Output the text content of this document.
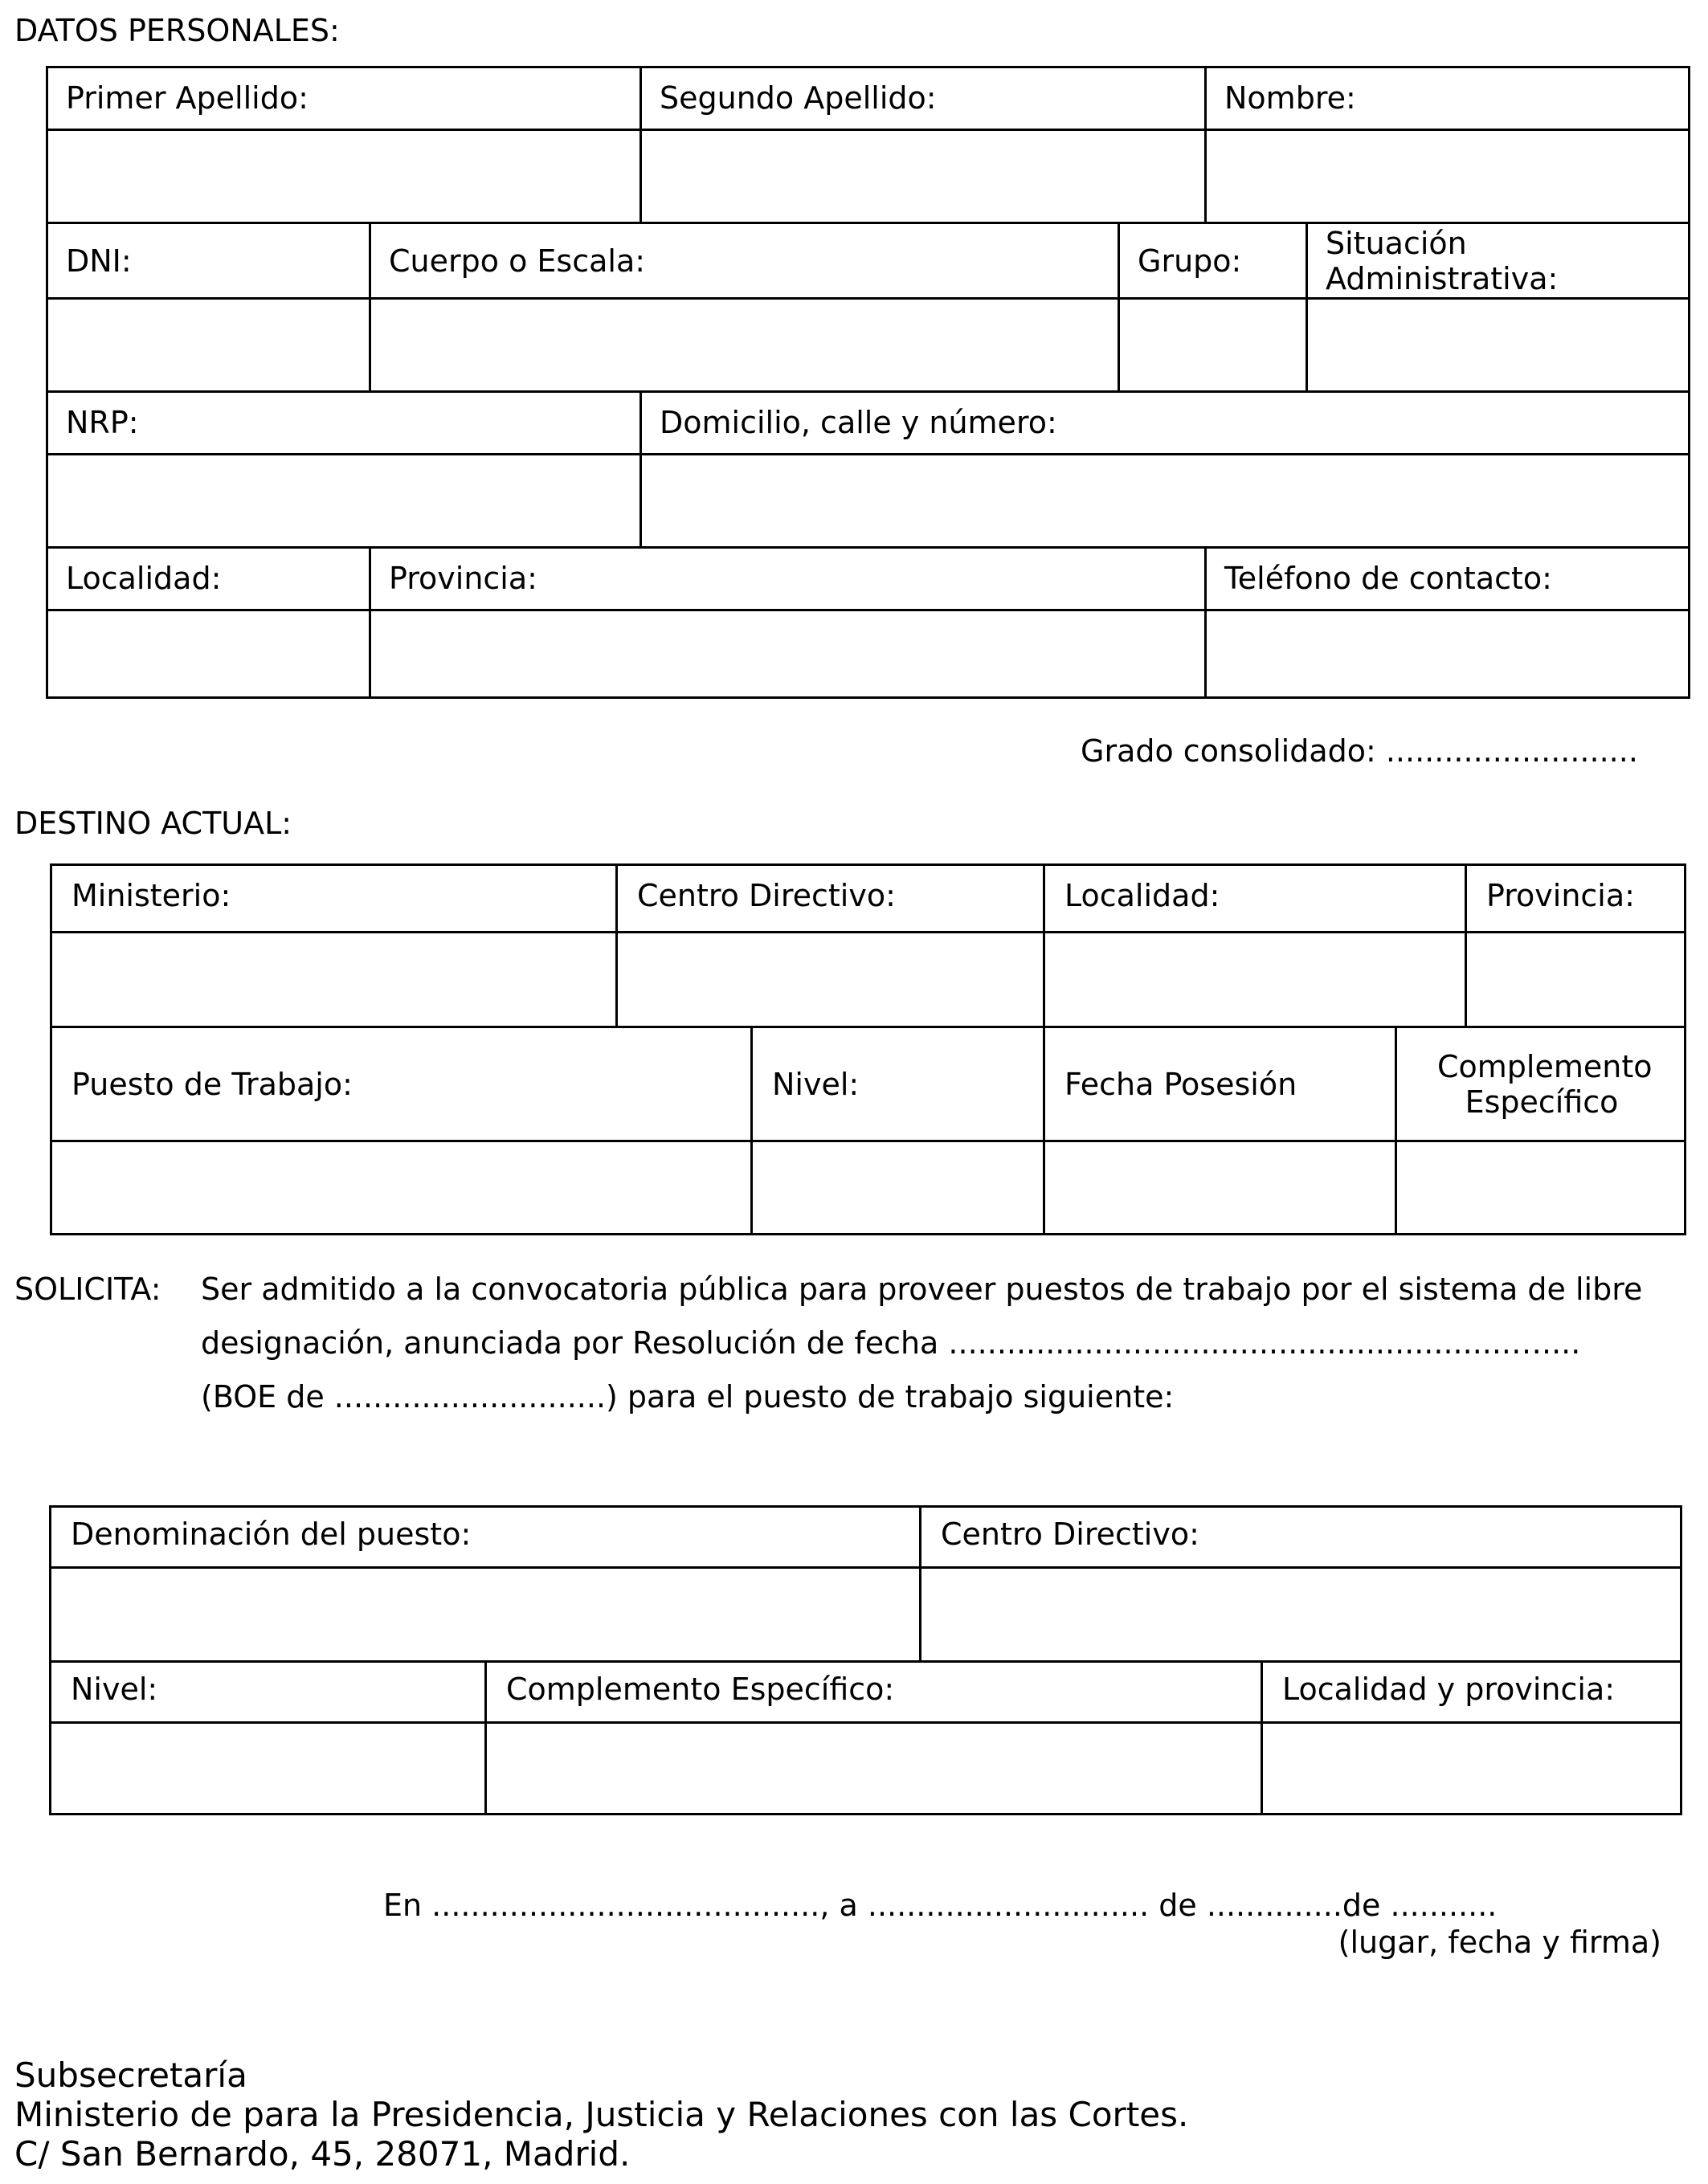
DATOS PERSONALES:
Primer Apellido:	Segundo Apellido:	Nombre:
DNI:	Cuerpo o Escala:	Grupo:	Situación Administrativa:
NRP:	Domicilio, calle y número:
Localidad:	Provincia:	Teléfono de contacto:
Grado consolidado: ..........................
DESTINO ACTUAL:
Ministerio:	Centro Directivo:	Localidad:	Provincia:
Puesto de Trabajo:	Nivel:	Fecha Posesión	Complemento Específico
SOLICITA: Ser admitido a la convocatoria pública para proveer puestos de trabajo por el sistema de libre
designación, anunciada por Resolución de fecha ..........................................................…....
(BOE de ............................) para el puesto de trabajo siguiente:
Denominación del puesto:	Centro Directivo:
Nivel:	Complemento Específico:	Localidad y provincia:
En ........................................, a ............................. de ..............de ...........
(lugar, fecha y firma)
Subsecretaría
Ministerio de para la Presidencia, Justicia y Relaciones con las Cortes.
C/ San Bernardo, 45, 28071, Madrid.
